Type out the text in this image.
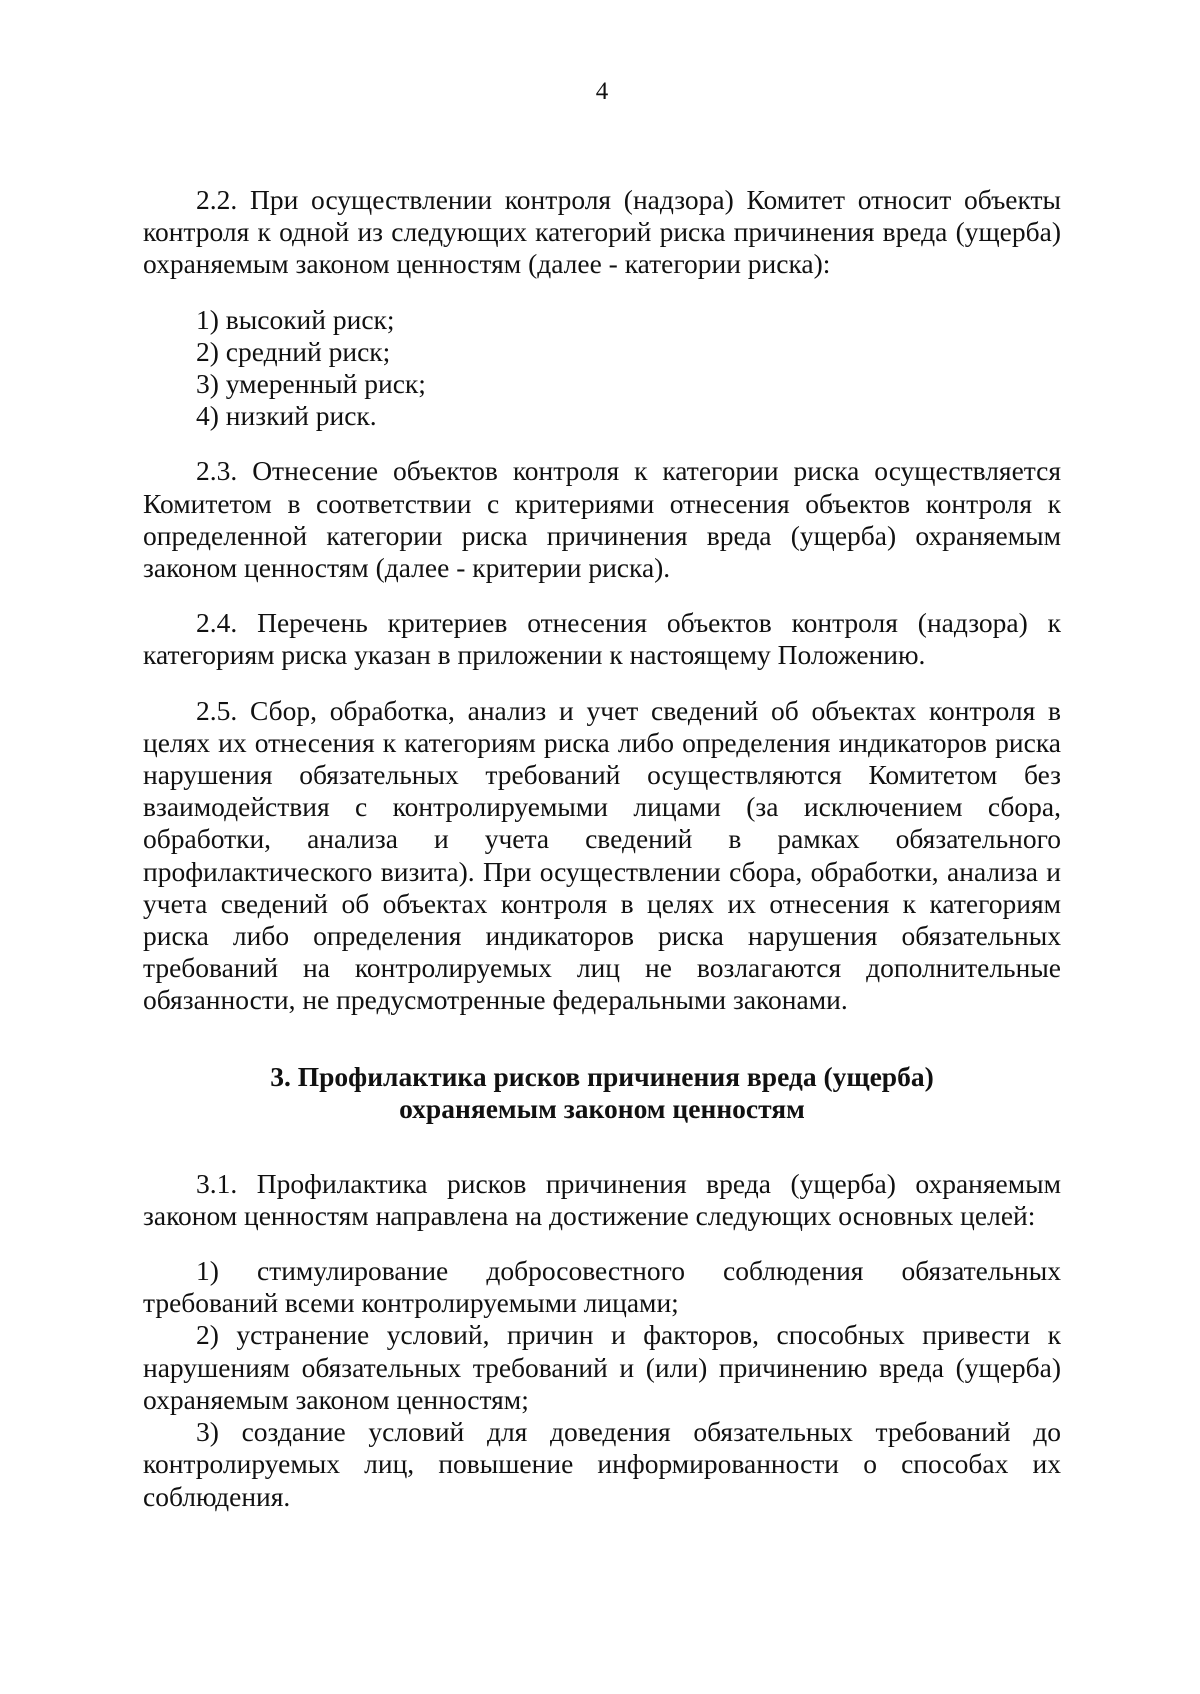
4

2.2. При осуществлении контроля (надзора) Комитет относит объекты контроля к одной из следующих категорий риска причинения вреда (ущерба) охраняемым законом ценностям (далее - категории риска):

1) высокий риск;

2) средний риск;

3) умеренный риск;

4) низкий риск.

2.3. Отнесение объектов контроля к категории риска осуществляется Комитетом в соответствии с критериями отнесения объектов контроля к определенной категории риска причинения вреда (ущерба) охраняемым законом ценностям (далее - критерии риска).

2.4. Перечень критериев отнесения объектов контроля (надзора) к категориям риска указан в приложении к настоящему Положению.

2.5. Сбор, обработка, анализ и учет сведений об объектах контроля в целях их отнесения к категориям риска либо определения индикаторов риска нарушения обязательных требований осуществляются Комитетом без взаимодействия с контролируемыми лицами (за исключением сбора, обработки, анализа и учета сведений в рамках обязательного профилактического визита). При осуществлении сбора, обработки, анализа и учета сведений об объектах контроля в целях их отнесения к категориям риска либо определения индикаторов риска нарушения обязательных требований на контролируемых лиц не возлагаются дополнительные обязанности, не предусмотренные федеральными законами.

3. Профилактика рисков причинения вреда (ущерба)
охраняемым законом ценностям

3.1. Профилактика рисков причинения вреда (ущерба) охраняемым законом ценностям направлена на достижение следующих основных целей:

1) стимулирование добросовестного соблюдения обязательных требований всеми контролируемыми лицами;

2) устранение условий, причин и факторов, способных привести к нарушениям обязательных требований и (или) причинению вреда (ущерба) охраняемым законом ценностям;

3) создание условий для доведения обязательных требований до контролируемых лиц, повышение информированности о способах их соблюдения.
